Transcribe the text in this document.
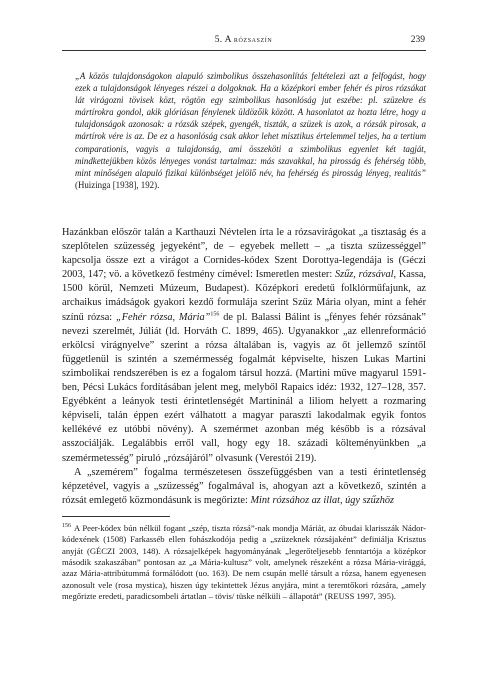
5. A rózsaszín	239
„A közös tulajdonságokon alapuló szimbolikus összehasonlítás feltételezi azt a felfogást, hogy ezek a tulajdonságok lényeges részei a dolgoknak. Ha a középkori ember fehér és piros rózsákat lát virágozni tövisek közt, rögtön egy szimbolikus hasonlóság jut eszébe: pl. szüzekre és mártírokra gondol, akik glóriásan fénylenek üldözőik között. A hasonlatot az hozta létre, hogy a tulajdonságok azonosak: a rózsák szépek, gyengék, tiszták, a szüzek is azok, a rózsák pirosak, a mártírok vére is az. De ez a hasonlóság csak akkor lehet misztikus értelemmel teljes, ha a tertium comparationis, vagyis a tulajdonság, ami összeköti a szimbolikus egyenlet két tagját, mindkettejükben közös lényeges vonást tartalmaz: más szavakkal, ha pirosság és fehérség több, mint minőségen alapuló fizikai különbséget jelölő név, ha fehérség és pirosság lényeg, realitás” (Huizinga [1938], 192).

Hazánkban először talán a Karthauzi Névtelen írta le a rózsavirágokat „a tisztaság és a szeplőtelen szüzesség jegyeként”, de – egyebek mellett – „a tiszta szüzességgel” kapcsolja össze ezt a virágot a Cornides-kódex Szent Dorottya-legendája is (Géczi 2003, 147; vö. a következő festmény címével: Ismeretlen mester: Szűz, rózsával, Kassa, 1500 körül, Nemzeti Múzeum, Budapest). Középkori eredetű folklórműfajunk, az archaikus imádságok gyakori kezdő formulája szerint Szűz Mária olyan, mint a fehér színű rózsa: „Fehér rózsa, Mária”$^{156}$ de pl. Balassi Bálint is „fényes fehér rózsának” nevezi szerelmét, Júliát (ld. Horváth C. 1899, 465). Ugyanakkor „az ellenreformáció erkölcsi virágnyelve” szerint a rózsa általában is, vagyis az őt jellemző színtől függetlenül is szintén a szemérmesség fogalmát képviselte, hiszen Lukas Martini szimbolikai rendszerében is ez a fogalom társul hozzá. (Martini műve magyarul 1591-ben, Pécsi Lukács fordításában jelent meg, melyből Rapaics idéz: 1932, 127–128, 357. Egyébként a leányok testi érintetlenségét Martininál a liliom helyett a rozmaring képviseli, talán éppen ezért válhatott a magyar paraszti lakodalmak egyik fontos kellékévé ez utóbbi növény). A szemérmet azonban még később is a rózsával asszociálják. Legalábbis erről vall, hogy egy 18. századi költeményünkben „a szemérmetesség” piruló „rózsájáról” olvasunk (Verestói 219).

A „szemérem” fogalma természetesen összefüggésben van a testi érintetlenség képzetével, vagyis a „szüzesség” fogalmával is, ahogyan azt a következő, szintén a rózsát emlegető közmondásunk is megőrizte: Mint rózsához az illat, úgy szűzhöz

$^{156}$ A Peer-kódex bún nélkül fogant „szép, tiszta rózsá”-nak mondja Máriát, az óbudai klarisszák Nádor-kódexének (1508) Farkasséb ellen fohászkodója pedig a „szüzeknek rózsájaként” definiálja Krisztus anyját (GÉCZI 2003, 148). A rózsajelképek hagyományának „legerőteljesebb fenntartója a középkor második szakaszában” pontosan az „a Mária-kultusz” volt, amelynek részeként a rózsa Mária-virággá, azaz Mária-attribútummá formálódott (uo. 163). De nem csupán mellé társult a rózsa, hanem egyenesen azonosult vele (rosa mystica), hiszen úgy tekintettek Jézus anyjára, mint a teremtőkori rózsára, „amely megőrizte eredeti, paradicsombeli ártatlan – tövis/ tüske nélküli – állapotát” (REUSS 1997, 395).
